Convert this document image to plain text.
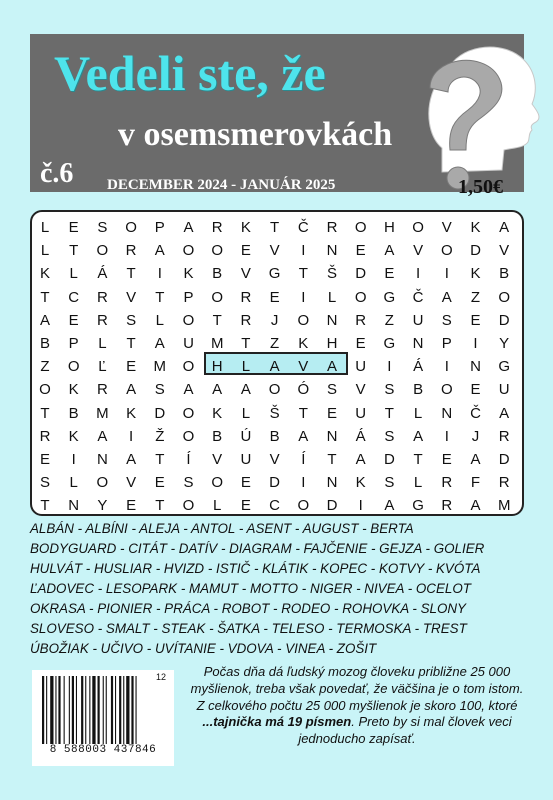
Vedeli ste, že
v osemsmerovkách
č.6 DECEMBER 2024 - JANUÁR 2025	1,50€
L	E	S	O	P	A	R	K	T	Č	R	O	H	O	V	K	A
L	T	O	R	A	O	O	E	V	I	N	E	A	V	O	D	V
K	L	Á	T	I	K	B	V	G	T	Š	D	E	I	I	K	B
T	C	R	V	T	P	O	R	E	I	L	O	G	Č	A	Z	O
A	E	R	S	L	O	T	R	J	O	N	R	Z	U	S	E	D
B	P	L	T	A	U	M	T	Z	K	H	E	G	N	P	I	Y
Z	O	Ľ	E	M	O	H	L	A	V	A	U	I	Á	I	N	G
O	K	R	A	S	A	A	A	O	Ó	S	V	S	B	O	E	U
T	B	M	K	D	O	K	L	Š	T	E	U	T	L	N	Č	A
R	K	A	I	Ž	O	B	Ú	B	A	N	Á	S	A	I	J	R
E	I	N	A	T	Í	V	U	V	Í	T	A	D	T	E	A	D
S	L	O	V	E	S	O	E	D	I	N	K	S	L	R	F	R
T	N	Y	E	T	O	L	E	C	O	D	I	A	G	R	A	M
ALBÁN - ALBÍNI - ALEJA - ANTOL - ASENT - AUGUST - BERTA
BODYGUARD - CITÁT - DATÍV - DIAGRAM - FAJČENIE - GEJZA - GOLIER
HULVÁT - HUSLIAR - HVIZD - ISTIČ - KLÁTIK - KOPEC - KOTVY - KVÓTA
ĽADOVEC - LESOPARK - MAMUT - MOTTO - NIGER - NIVEA - OCELOT
OKRASA - PIONIER - PRÁCA - ROBOT - RODEO - ROHOVKA - SLONY
SLOVESO - SMALT - STEAK - ŠATKA - TELESO - TERMOSKA - TREST
ÚBOŽIAK - UČIVO - UVÍTANIE - VDOVA - VINEA - ZOŠIT
12
8 588003 437846
Počas dňa dá ľudský mozog človeku približne 25 000 myšlienok, treba však povedať, že väčšina je o tom istom. Z celkového počtu 25 000 myšlienok je skoro 100, ktoré ...tajnička má 19 písmen. Preto by si mal človek veci jednoducho zapísať.
